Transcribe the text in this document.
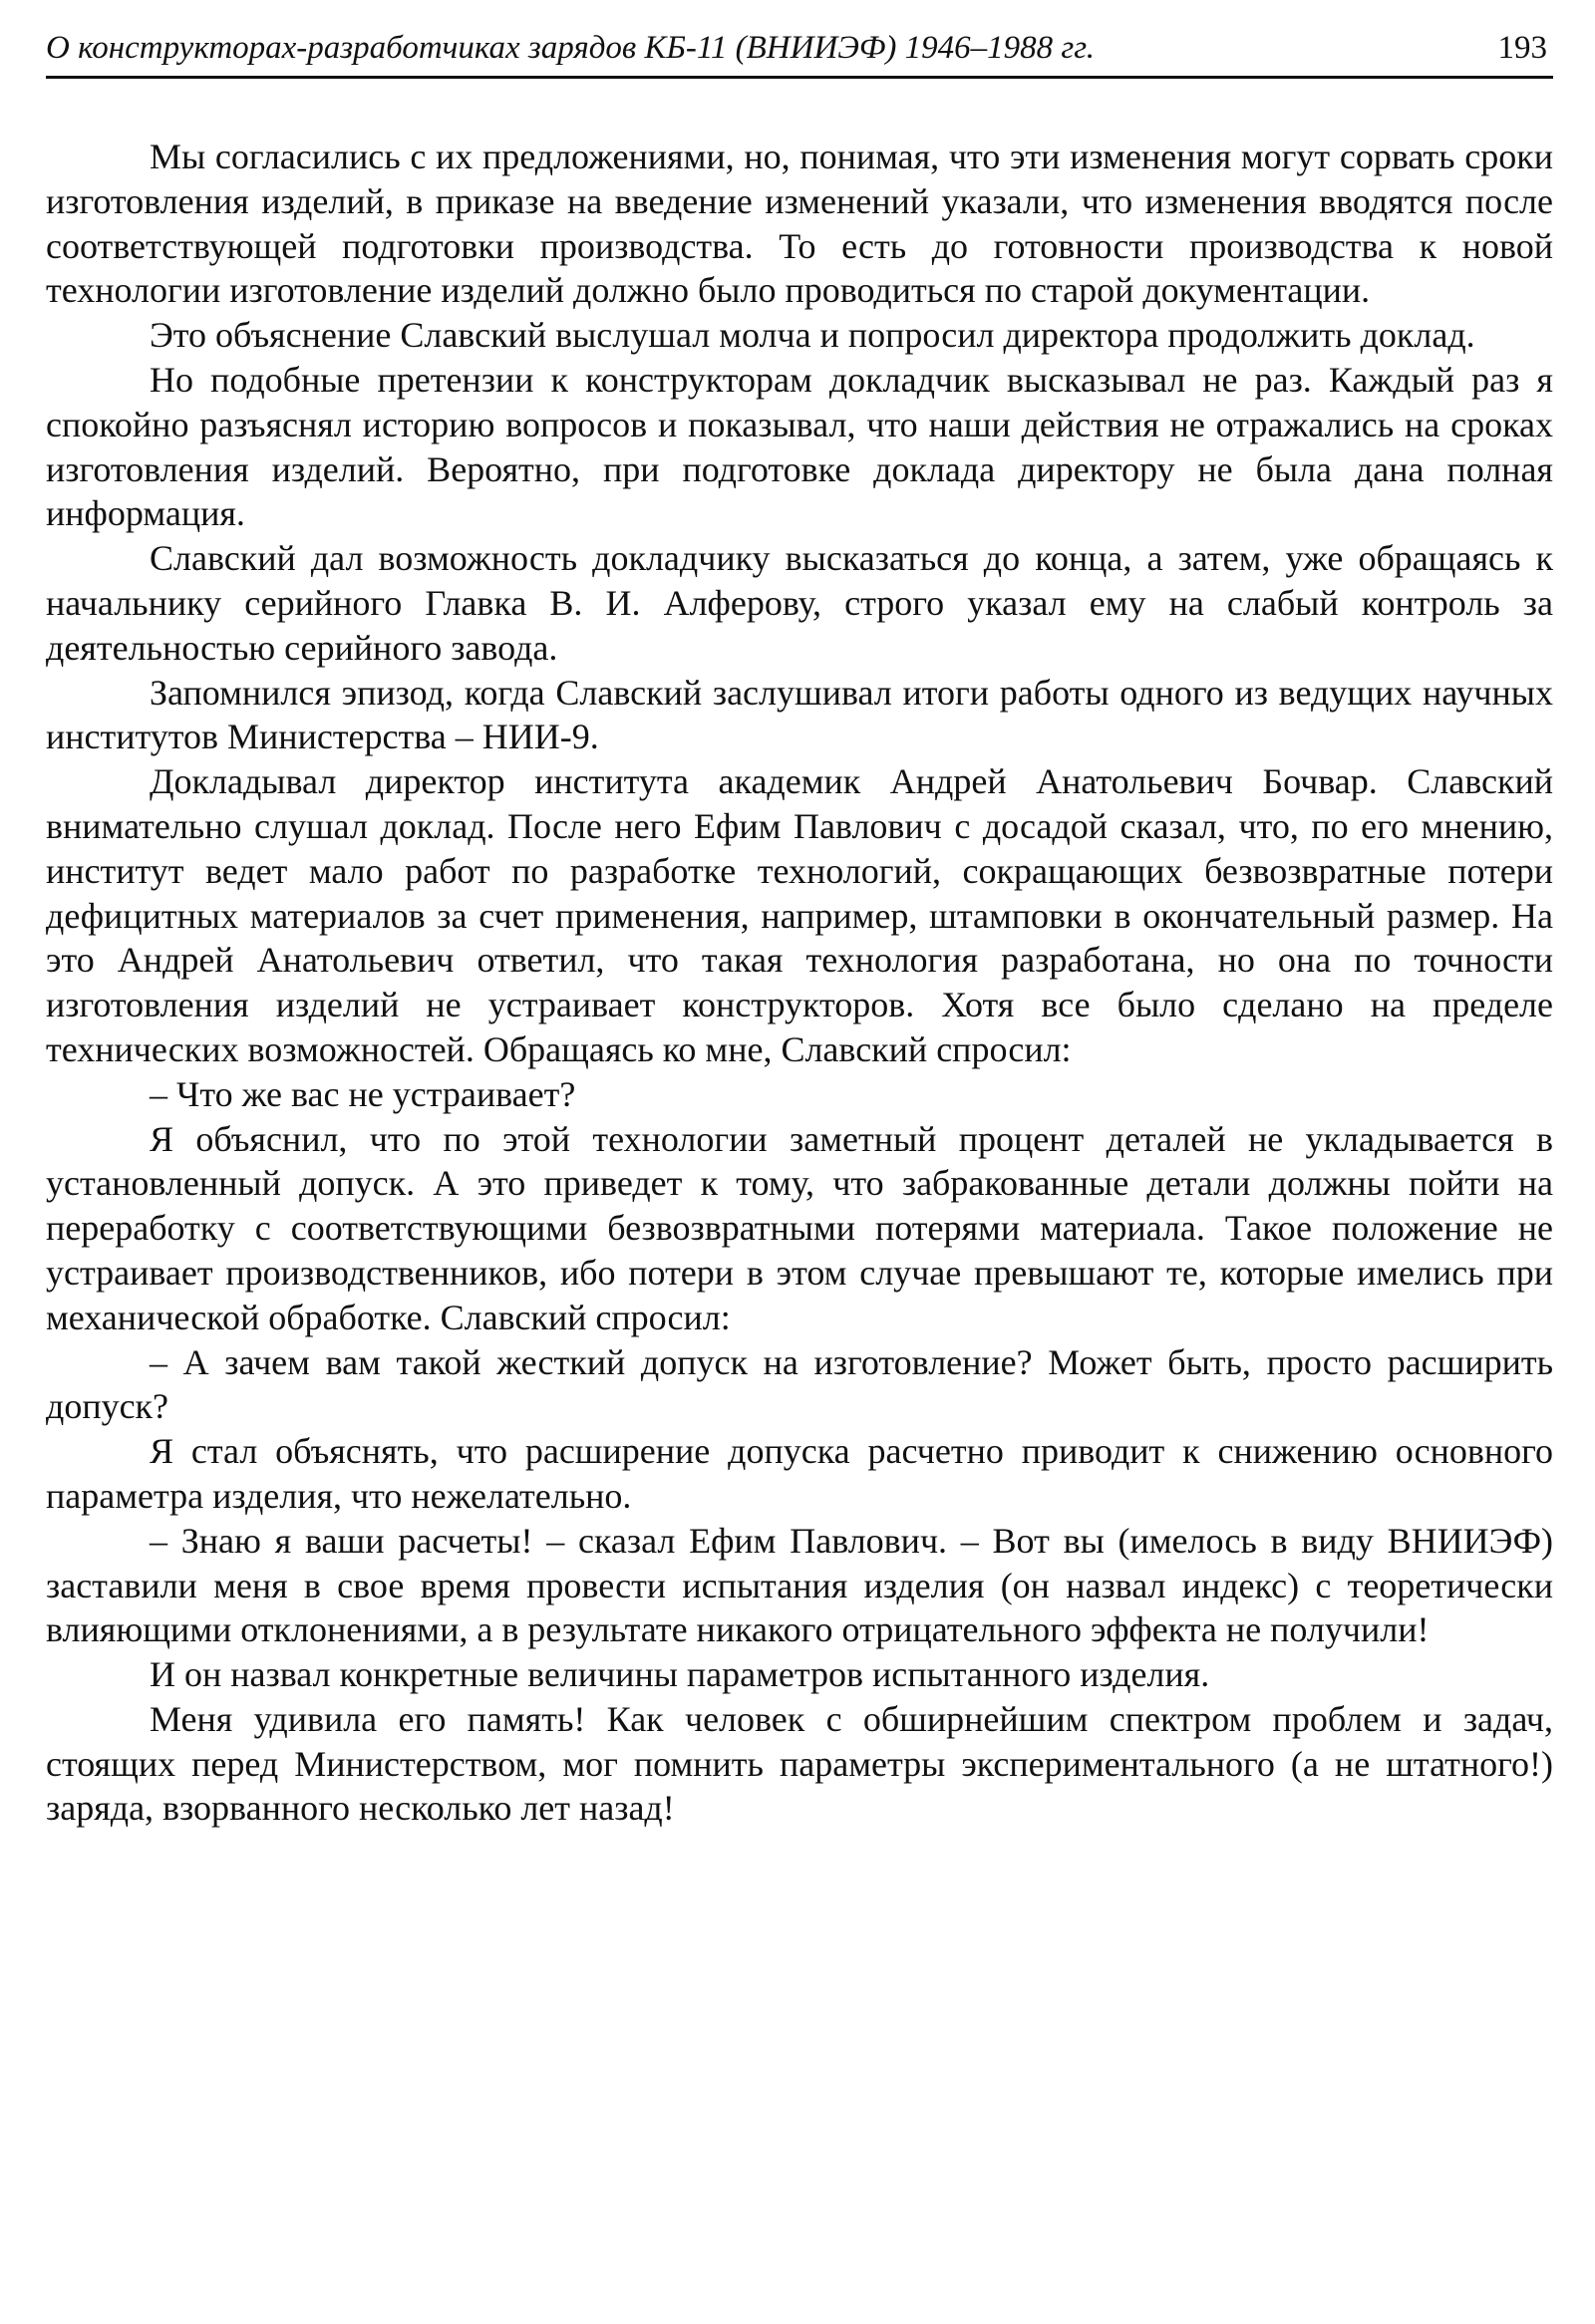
О конструкторах-разработчиках зарядов КБ-11 (ВНИИЭФ) 1946–1988 гг.	193

Мы согласились с их предложениями, но, понимая, что эти изменения могут сорвать сроки изготовления изделий, в приказе на введение изменений указали, что изменения вводятся после соответствующей подготовки производства. То есть до готовности производства к новой технологии изготовление изделий должно было проводиться по старой документации.

Это объяснение Славский выслушал молча и попросил директора продолжить доклад.

Но подобные претензии к конструкторам докладчик высказывал не раз. Каждый раз я спокойно разъяснял историю вопросов и показывал, что наши действия не отражались на сроках изготовления изделий. Вероятно, при подготовке доклада директору не была дана полная информация.

Славский дал возможность докладчику высказаться до конца, а затем, уже обращаясь к начальнику серийного Главка В. И. Алферову, строго указал ему на слабый контроль за деятельностью серийного завода.

Запомнился эпизод, когда Славский заслушивал итоги работы одного из ведущих научных институтов Министерства – НИИ-9.

Докладывал директор института академик Андрей Анатольевич Бочвар. Славский внимательно слушал доклад. После него Ефим Павлович с досадой сказал, что, по его мнению, институт ведет мало работ по разработке технологий, сокращающих безвозвратные потери дефицитных материалов за счет применения, например, штамповки в окончательный размер. На это Андрей Анатольевич ответил, что такая технология разработана, но она по точности изготовления изделий не устраивает конструкторов. Хотя все было сделано на пределе технических возможностей. Обращаясь ко мне, Славский спросил:

– Что же вас не устраивает?

Я объяснил, что по этой технологии заметный процент деталей не укладывается в установленный допуск. А это приведет к тому, что забракованные детали должны пойти на переработку с соответствующими безвозвратными потерями материала. Такое положение не устраивает производственников, ибо потери в этом случае превышают те, которые имелись при механической обработке. Славский спросил:

– А зачем вам такой жесткий допуск на изготовление? Может быть, просто расширить допуск?

Я стал объяснять, что расширение допуска расчетно приводит к снижению основного параметра изделия, что нежелательно.

– Знаю я ваши расчеты! – сказал Ефим Павлович. – Вот вы (имелось в виду ВНИИЭФ) заставили меня в свое время провести испытания изделия (он назвал индекс) с теоретически влияющими отклонениями, а в результате никакого отрицательного эффекта не получили!

И он назвал конкретные величины параметров испытанного изделия.

Меня удивила его память! Как человек с обширнейшим спектром проблем и задач, стоящих перед Министерством, мог помнить параметры экспериментального (а не штатного!) заряда, взорванного несколько лет назад!
